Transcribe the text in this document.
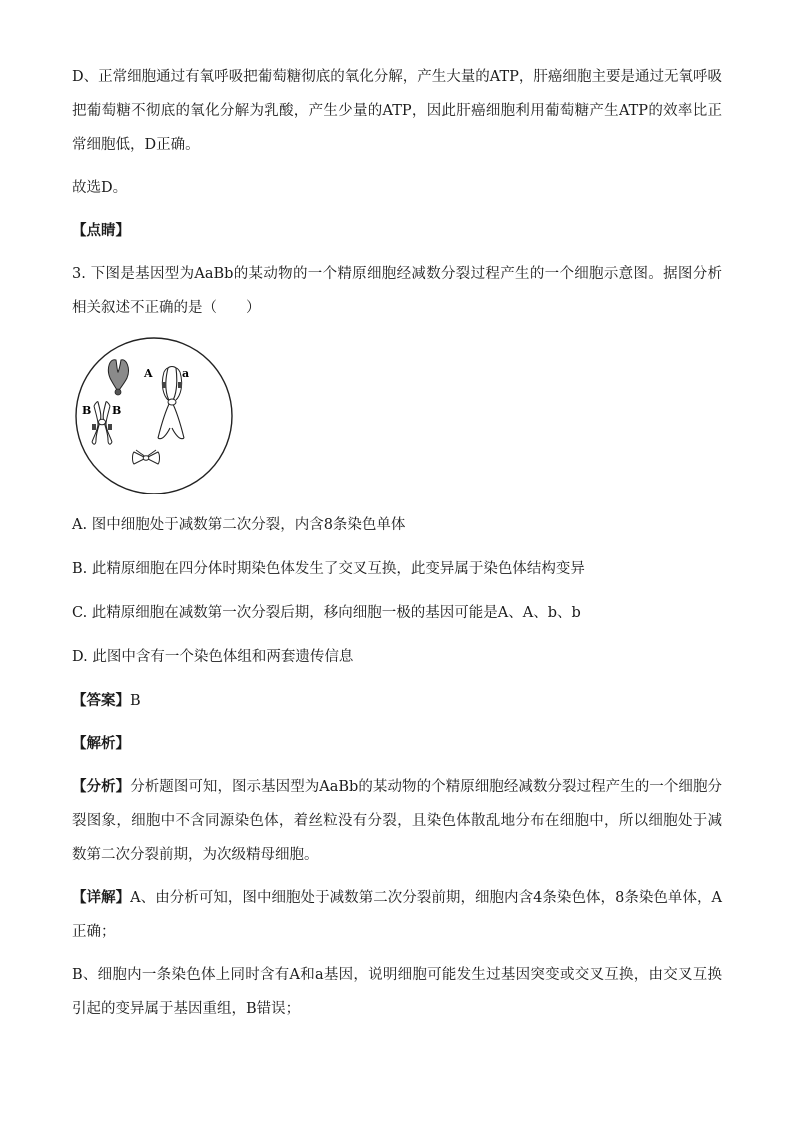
D、正常细胞通过有氧呼吸把葡萄糖彻底的氧化分解，产生大量的ATP，肝癌细胞主要是通过无氧呼吸把葡萄糖不彻底的氧化分解为乳酸，产生少量的ATP，因此肝癌细胞利用葡萄糖产生ATP的效率比正常细胞低，D正确。

故选D。

【点睛】

3. 下图是基因型为AaBb的某动物的一个精原细胞经减数分裂过程产生的一个细胞示意图。据图分析相关叙述不正确的是（　　）

A	a
B B

A. 图中细胞处于减数第二次分裂，内含8条染色单体

B. 此精原细胞在四分体时期染色体发生了交叉互换，此变异属于染色体结构变异

C. 此精原细胞在减数第一次分裂后期，移向细胞一极的基因可能是A、A、b、b

D. 此图中含有一个染色体组和两套遗传信息

【答案】B

【解析】

【分析】分析题图可知，图示基因型为AaBb的某动物的个精原细胞经减数分裂过程产生的一个细胞分裂图象，细胞中不含同源染色体，着丝粒没有分裂，且染色体散乱地分布在细胞中，所以细胞处于减数第二次分裂前期，为次级精母细胞。

【详解】A、由分析可知，图中细胞处于减数第二次分裂前期，细胞内含4条染色体，8条染色单体，A正确；

B、细胞内一条染色体上同时含有A和a基因，说明细胞可能发生过基因突变或交叉互换，由交叉互换引起的变异属于基因重组，B错误；
